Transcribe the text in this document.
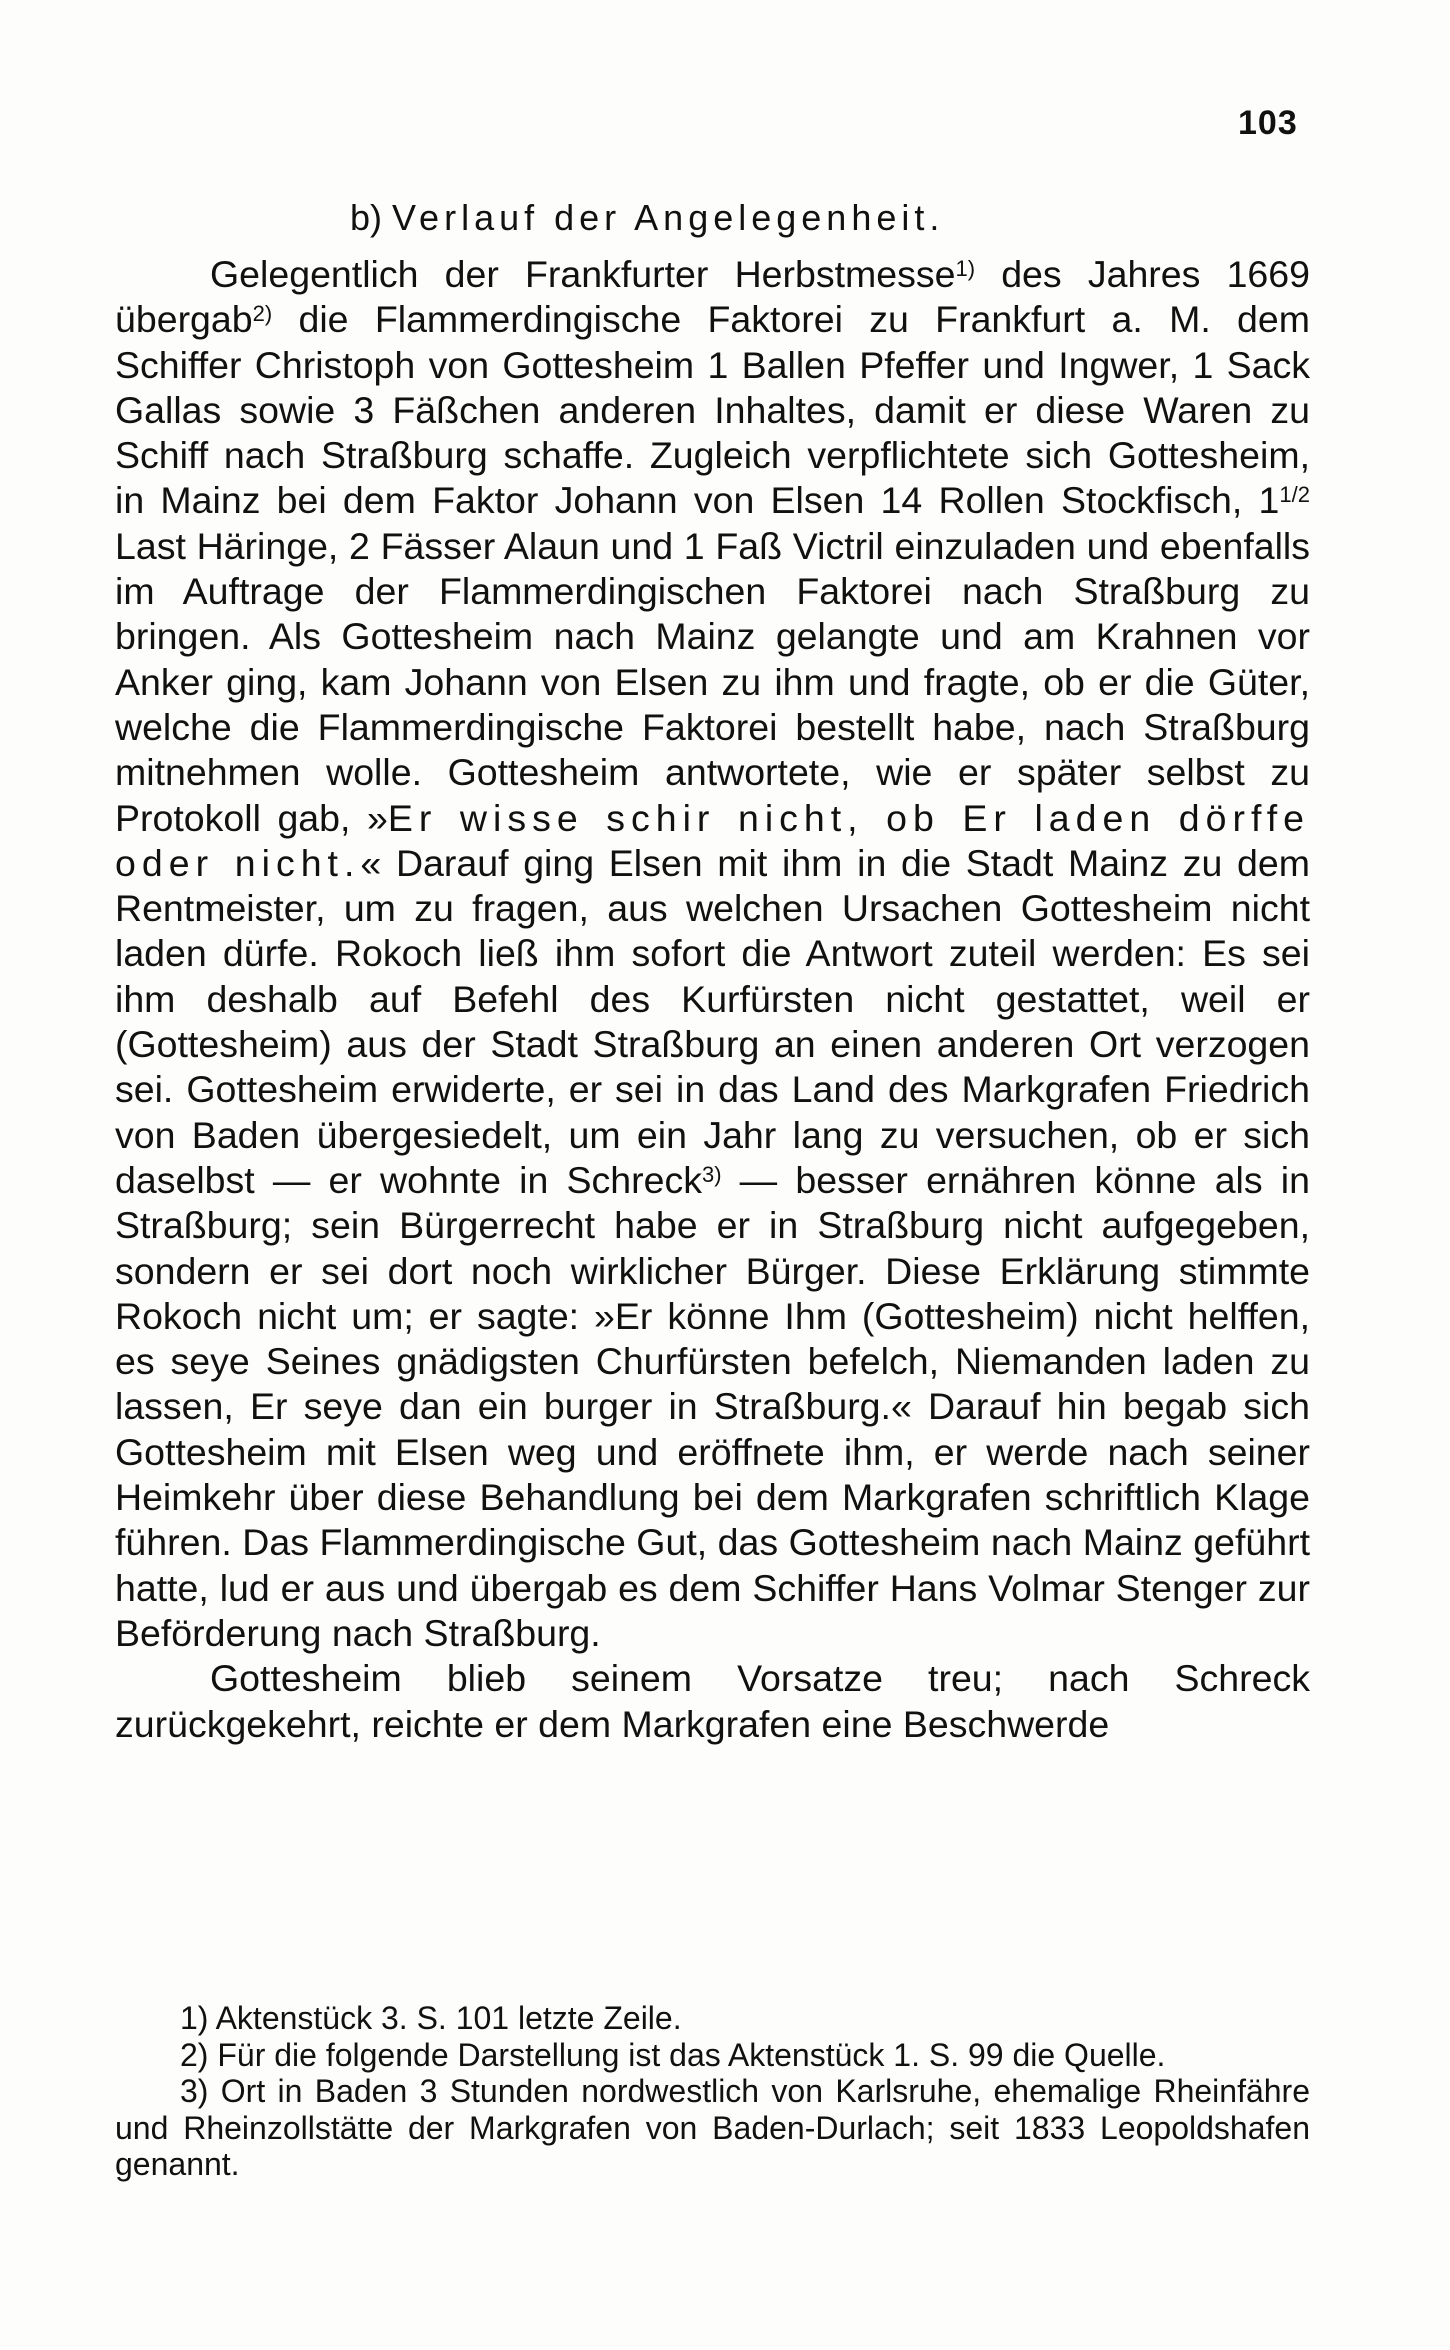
103
b) Verlauf der Angelegenheit.

Gelegentlich der Frankfurter Herbstmesse$^{1)}$ des Jahres 1669 übergab$^{2)}$ die Flammerdingische Faktorei zu Frankfurt a. M. dem Schiffer Christoph von Gottesheim 1 Ballen Pfeffer und Ingwer, 1 Sack Gallas sowie 3 Fäßchen anderen Inhaltes, damit er diese Waren zu Schiff nach Straßburg schaffe. Zugleich verpflichtete sich Gottesheim, in Mainz bei dem Faktor Johann von Elsen 14 Rollen Stockfisch, $1^{1/2}$ Last Häringe, 2 Fässer Alaun und 1 Faß Victril einzuladen und ebenfalls im Auftrage der Flammerdingischen Faktorei nach Straßburg zu bringen. Als Gottesheim nach Mainz gelangte und am Krahnen vor Anker ging, kam Johann von Elsen zu ihm und fragte, ob er die Güter, welche die Flammerdingische Faktorei bestellt habe, nach Straßburg mitnehmen wolle. Gottesheim antwortete, wie er später selbst zu Protokoll gab, »Er wisse schir nicht, ob Er laden dörffe oder nicht.« Darauf ging Elsen mit ihm in die Stadt Mainz zu dem Rentmeister, um zu fragen, aus welchen Ursachen Gottesheim nicht laden dürfe. Rokoch ließ ihm sofort die Antwort zuteil werden: Es sei ihm deshalb auf Befehl des Kurfürsten nicht gestattet, weil er (Gottesheim) aus der Stadt Straßburg an einen anderen Ort verzogen sei. Gottesheim erwiderte, er sei in das Land des Markgrafen Friedrich von Baden übergesiedelt, um ein Jahr lang zu versuchen, ob er sich daselbst — er wohnte in Schreck$^{3)}$ — besser ernähren könne als in Straßburg; sein Bürgerrecht habe er in Straßburg nicht aufgegeben, sondern er sei dort noch wirklicher Bürger. Diese Erklärung stimmte Rokoch nicht um; er sagte: »Er könne Ihm (Gottesheim) nicht helffen, es seye Seines gnädigsten Churfürsten befelch, Niemanden laden zu lassen, Er seye dan ein burger in Straßburg.« Darauf hin begab sich Gottesheim mit Elsen weg und eröffnete ihm, er werde nach seiner Heimkehr über diese Behandlung bei dem Markgrafen schriftlich Klage führen. Das Flammerdingische Gut, das Gottesheim nach Mainz geführt hatte, lud er aus und übergab es dem Schiffer Hans Volmar Stenger zur Beförderung nach Straßburg.

Gottesheim blieb seinem Vorsatze treu; nach Schreck zurückgekehrt, reichte er dem Markgrafen eine Beschwerde

1) Aktenstück 3. S. 101 letzte Zeile.

2) Für die folgende Darstellung ist das Aktenstück 1. S. 99 die Quelle.

3) Ort in Baden 3 Stunden nordwestlich von Karlsruhe, ehemalige Rheinfähre und Rheinzollstätte der Markgrafen von Baden-Durlach; seit 1833 Leopoldshafen genannt.
